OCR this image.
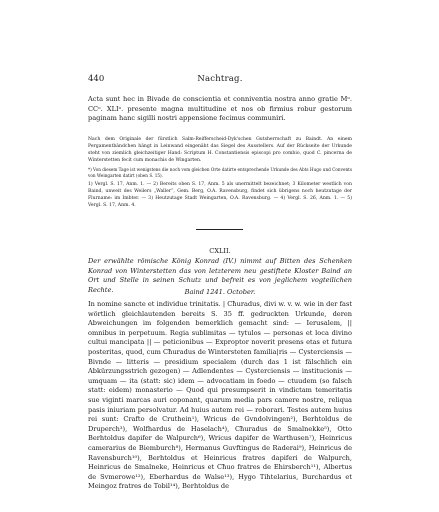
440	Nachtrag.

Acta sunt hec in Bivade de conscientia et conniventia nostra anno gratie Mᵒ. CCᵒ. XLIᵒ. presente magna multitudine et nos ob firmius robur gestorum paginam hanc sigilli nostri appensione fecimus communiri.

Nach dem Originale der fürstlich Salm-Reifferscheid-Dyk'schen Gutsherrschaft zu Baindt. An einem Pergamentbändchen hängt in Leinwand eingenäht das Siegel des Ausstellers. Auf der Rückseite der Urkunde steht von ziemlich gleichzeitiger Hand: Scriptum H. Constantiensis episcopi pro combio, quod C. pincerna de Winterstetten fecit cum monachis de Wingarten.

*) Von diesem Tage ist wenigstens die noch vom gleichen Orte datirte entsprechende Urkunde des Abts Hugo und Convents von Weingarten datirt (oben S. 15).

1) Vergl. S. 17, Anm. 1. — 2) Bereits oben S. 17, Anm. 5 als unermittelt bezeichnet; 3 Kilometer westlich von Baind, unweit des Weilers „Waller“, Gem. Berg, O.A. Ravensburg, findet sich übrigens noch heutzutage der Flurname: im Imbter. — 3) Heutzutage Stadt Weingarten, O.A. Ravensburg. — 4) Vergl. S. 26, Anm. 1. — 5) Vergl. S. 17, Anm. 4.

CXLII.

Der erwählte römische König Konrad (IV.) nimmt auf Bitten des Schenken Konrad von Winterstetten das von letzterem neu gestiftete Kloster Baind an Ort und Stelle in seinen Schutz und befreit es von jeglichem vogteilichen Rechte.	Baind 1241. October.

In nomine sancte et individue trinitatis. | Cħuradus, divi w. v. w. wie in der fast wörtlich gleichlautenden bereits S. 35 ff. gedruckten Urkunde, deren Abweichungen im folgenden bemerklich gemacht sind: — Ierusalem, || omnibus in perpetuum. Regia sublimitas — tytulos — personas et loca divino cultui mancipata || — peticionibus — Exproptor noverit presens etas et futura posteritas, quod, cum Cħuradus de Wintersteten familia|ris — Cysterciensis — Bivnde — litteris — presidium specialem (durch das 1 ist fälschlich ein Abkürzungsstrich gezogen) — Adlendentes — Cysterciensis — institucionis — umquam — ita (statt: sic) idem — advocatiam in foedo — ctuudem (so falsch statt: eidem) monasterio — Quod qui presumpserit in vindictam temeritatis sue viginti marcas auri coponant, quarum media pars camere nostre, reliqua pasis iniuriam persolvatur. Ad huius autem rei — roborari. Testes autem huius rei sunt: Crafto de Cruthein¹), Wricus de Gvndolvingen²), Berhtoldus de Druperch³), Wolfhardus de Haselach⁴), Cħuradus de Smalnekke⁵), Otto Berhtoldus dapifer de Walpurch⁶), Wricus dapifer de Warthusen⁷), Heinricus camerarius de Biemburch⁸), Hermanus Guvftingus de Raderai⁹), Heinricus de Ravensburch¹⁰), Berhtoldus et Heinricus fratres dapiferi de Walpurch, Heinricus de Smalneke, Heinricus et Cħuo fratres de Ehirsberch¹¹), Albertus de Svmerowe¹²), Eberhardus de Walse¹³), Hygo Tihtelarius, Burchardus et Meingoz fratres de Tobil¹⁴), Berhtoldus de
